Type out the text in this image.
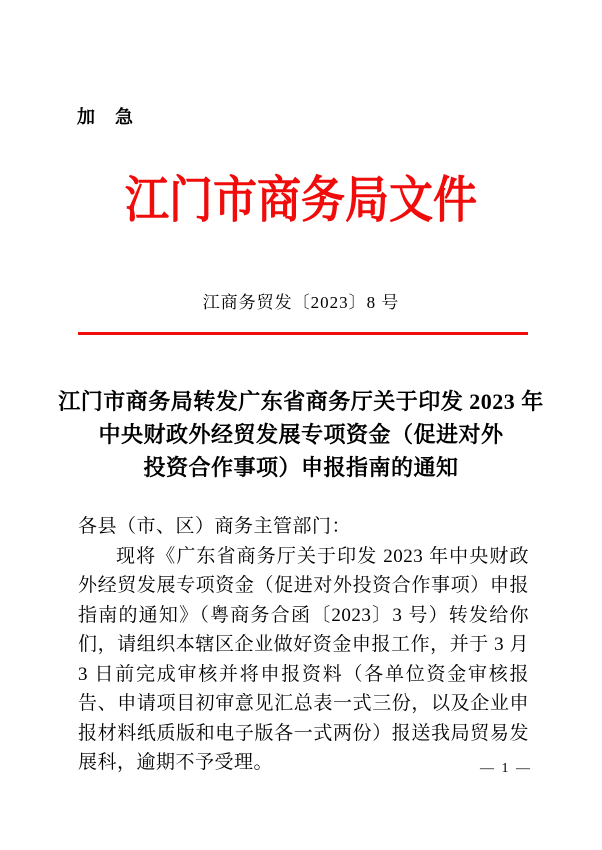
加　急
江门市商务局文件
江商务贸发〔2023〕8 号
江门市商务局转发广东省商务厅关于印发 2023 年
中央财政外经贸发展专项资金（促进对外
投资合作事项）申报指南的通知

各县（市、区）商务主管部门：

现将《广东省商务厅关于印发 2023 年中央财政外经贸发展专项资金（促进对外投资合作事项）申报指南的通知》（粤商务合函〔2023〕3 号）转发给你们，请组织本辖区企业做好资金申报工作，并于 3 月 3 日前完成审核并将申报资料（各单位资金审核报告、申请项目初审意见汇总表一式三份，以及企业申报材料纸质版和电子版各一式两份）报送我局贸易发展科，逾期不予受理。	— 1 —
